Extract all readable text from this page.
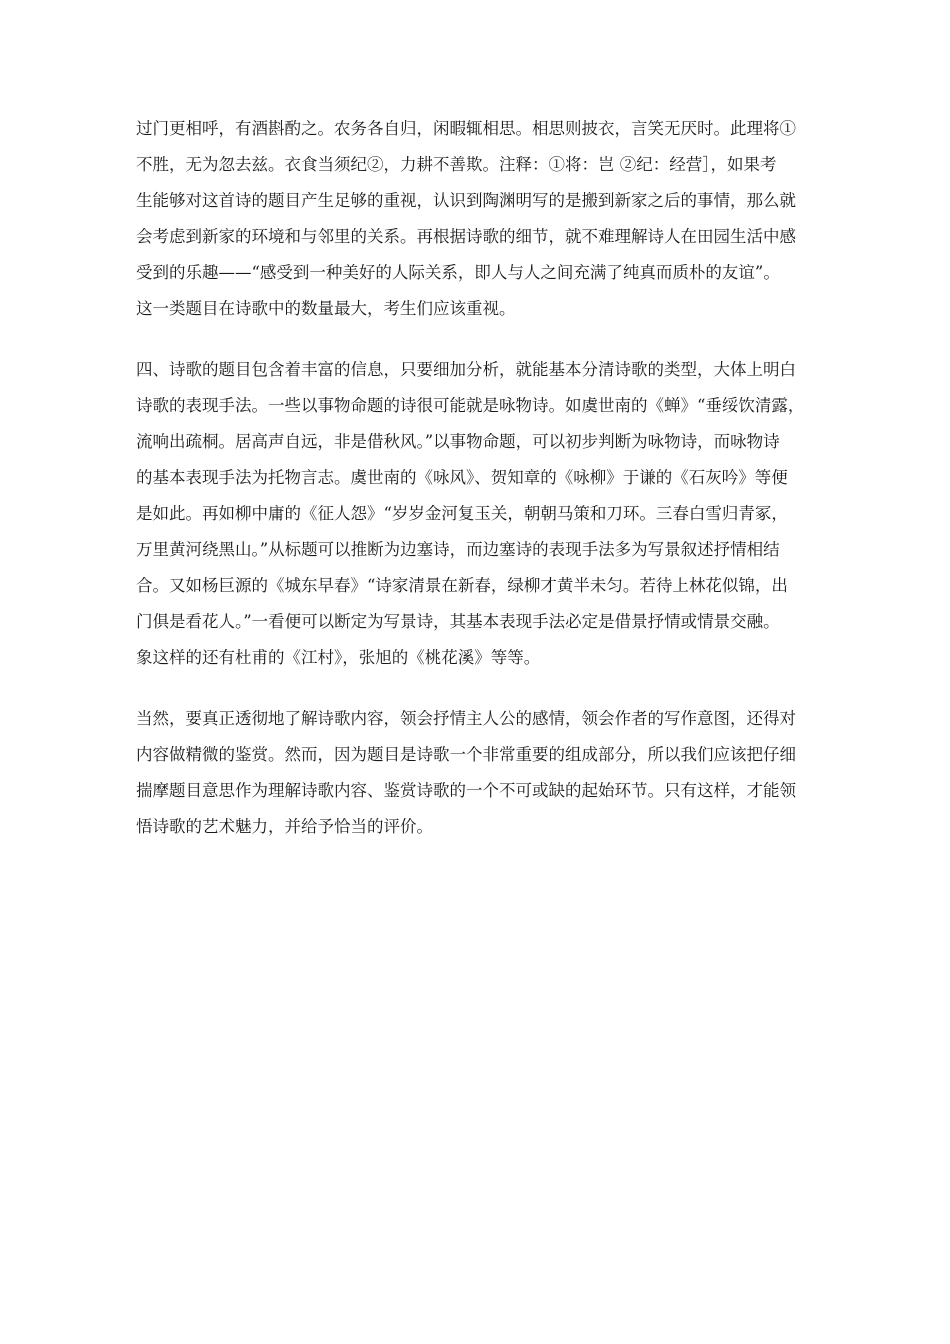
过门更相呼，有酒斟酌之。农务各自归，闲暇辄相思。相思则披衣，言笑无厌时。此理将①
不胜，无为忽去兹。衣食当须纪②，力耕不善欺。注释：①将：岂 ②纪：经营］，如果考
生能够对这首诗的题目产生足够的重视，认识到陶渊明写的是搬到新家之后的事情，那么就
会考虑到新家的环境和与邻里的关系。再根据诗歌的细节，就不难理解诗人在田园生活中感
受到的乐趣——“感受到一种美好的人际关系，即人与人之间充满了纯真而质朴的友谊”。
这一类题目在诗歌中的数量最大，考生们应该重视。
四、诗歌的题目包含着丰富的信息，只要细加分析，就能基本分清诗歌的类型，大体上明白
诗歌的表现手法。一些以事物命题的诗很可能就是咏物诗。如虞世南的《蝉》“垂绥饮清露，
流响出疏桐。居高声自远，非是借秋风。”以事物命题，可以初步判断为咏物诗，而咏物诗
的基本表现手法为托物言志。虞世南的《咏风》、贺知章的《咏柳》于谦的《石灰吟》等便
是如此。再如柳中庸的《征人怨》“岁岁金河复玉关，朝朝马策和刀环。三春白雪归青冢，
万里黄河绕黑山。”从标题可以推断为边塞诗，而边塞诗的表现手法多为写景叙述抒情相结
合。又如杨巨源的《城东早春》“诗家清景在新春，绿柳才黄半未匀。若待上林花似锦，出
门俱是看花人。”一看便可以断定为写景诗，其基本表现手法必定是借景抒情或情景交融。
象这样的还有杜甫的《江村》，张旭的《桃花溪》等等。
当然，要真正透彻地了解诗歌内容，领会抒情主人公的感情，领会作者的写作意图，还得对
内容做精微的鉴赏。然而，因为题目是诗歌一个非常重要的组成部分，所以我们应该把仔细
揣摩题目意思作为理解诗歌内容、鉴赏诗歌的一个不可或缺的起始环节。只有这样，才能领
悟诗歌的艺术魅力，并给予恰当的评价。
